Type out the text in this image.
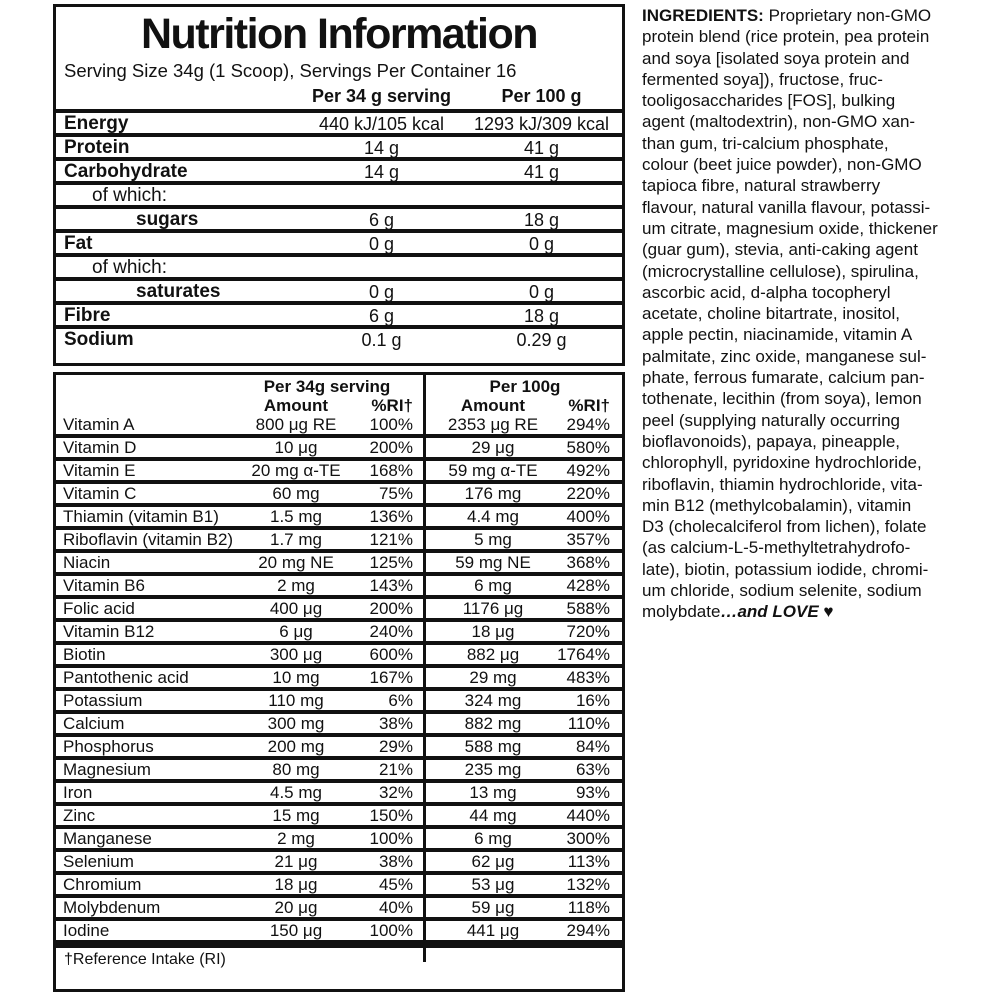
Nutrition Information
Serving Size 34g (1 Scoop), Servings Per Container 16
Per 34 g serving	Per 100 g
Energy	440 kJ/105 kcal	1293 kJ/309 kcal
Protein	14 g	41 g
Carbohydrate	14 g	41 g
of which:
sugars	6 g	18 g
Fat	0 g	0 g
of which:
saturates	0 g	0 g
Fibre	6 g	18 g
Sodium	0.1 g	0.29 g
Per 34g serving	Per 100g
Amount	%RI†	Amount	%RI†
Vitamin A	800 μg RE	100%	2353 μg RE	294%
Vitamin D	10 μg	200%	29 μg	580%
Vitamin E	20 mg α-TE	168%	59 mg α-TE	492%
Vitamin C	60 mg	75%	176 mg	220%
Thiamin (vitamin B1)	1.5 mg	136%	4.4 mg	400%
Riboflavin (vitamin B2)	1.7 mg	121%	5 mg	357%
Niacin	20 mg NE	125%	59 mg NE	368%
Vitamin B6	2 mg	143%	6 mg	428%
Folic acid	400 μg	200%	1176 μg	588%
Vitamin B12	6 μg	240%	18 μg	720%
Biotin	300 μg	600%	882 μg	1764%
Pantothenic acid	10 mg	167%	29 mg	483%
Potassium	110 mg	6%	324 mg	16%
Calcium	300 mg	38%	882 mg	110%
Phosphorus	200 mg	29%	588 mg	84%
Magnesium	80 mg	21%	235 mg	63%
Iron	4.5 mg	32%	13 mg	93%
Zinc	15 mg	150%	44 mg	440%
Manganese	2 mg	100%	6 mg	300%
Selenium	21 μg	38%	62 μg	113%
Chromium	18 μg	45%	53 μg	132%
Molybdenum	20 μg	40%	59 μg	118%
Iodine	150 μg	100%	441 μg	294%
†Reference Intake (RI)
INGREDIENTS: Proprietary non-GMO
protein blend (rice protein, pea protein
and soya [isolated soya protein and
fermented soya]), fructose, fruc-
tooligosaccharides [FOS], bulking
agent (maltodextrin), non-GMO xan-
than gum, tri-calcium phosphate,
colour (beet juice powder), non-GMO
tapioca fibre, natural strawberry
flavour, natural vanilla flavour, potassi-
um citrate, magnesium oxide, thickener
(guar gum), stevia, anti-caking agent
(microcrystalline cellulose), spirulina,
ascorbic acid, d-alpha tocopheryl
acetate, choline bitartrate, inositol,
apple pectin, niacinamide, vitamin A
palmitate, zinc oxide, manganese sul-
phate, ferrous fumarate, calcium pan-
tothenate, lecithin (from soya), lemon
peel (supplying naturally occurring
bioflavonoids), papaya, pineapple,
chlorophyll, pyridoxine hydrochloride,
riboflavin, thiamin hydrochloride, vita-
min B12 (methylcobalamin), vitamin
D3 (cholecalciferol from lichen), folate
(as calcium-L-5-methyltetrahydrofo-
late), biotin, potassium iodide, chromi-
um chloride, sodium selenite, sodium
molybdate…and LOVE ♥
